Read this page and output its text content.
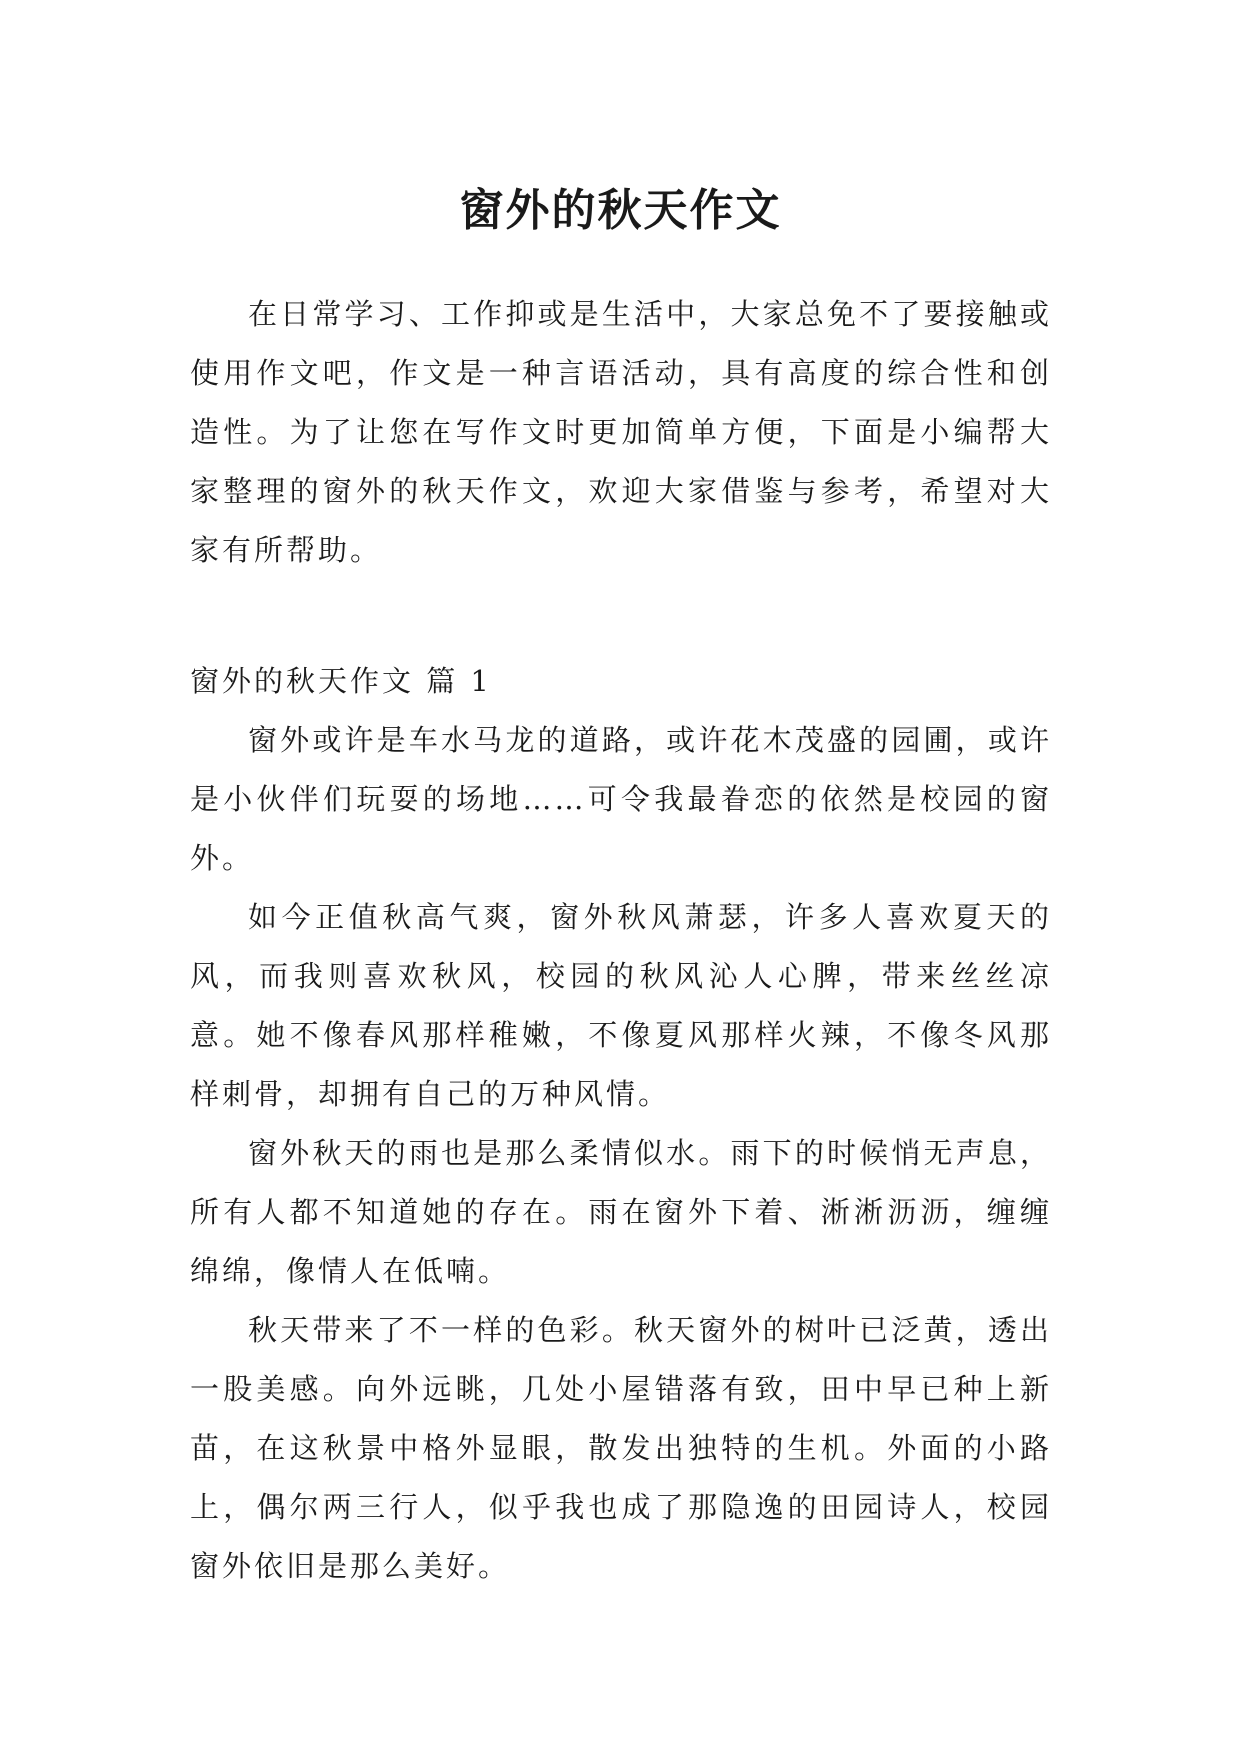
窗外的秋天作文

在日常学习、工作抑或是生活中，大家总免不了要接触或使用作文吧，作文是一种言语活动，具有高度的综合性和创造性。为了让您在写作文时更加简单方便，下面是小编帮大家整理的窗外的秋天作文，欢迎大家借鉴与参考，希望对大家有所帮助。

窗外的秋天作文 篇 1

窗外或许是车水马龙的道路，或许花木茂盛的园圃，或许是小伙伴们玩耍的场地……可令我最眷恋的依然是校园的窗外。

如今正值秋高气爽，窗外秋风萧瑟，许多人喜欢夏天的风，而我则喜欢秋风，校园的秋风沁人心脾，带来丝丝凉意。她不像春风那样稚嫩，不像夏风那样火辣，不像冬风那样刺骨，却拥有自己的万种风情。

窗外秋天的雨也是那么柔情似水。雨下的时候悄无声息，所有人都不知道她的存在。雨在窗外下着、淅淅沥沥，缠缠绵绵，像情人在低喃。

秋天带来了不一样的色彩。秋天窗外的树叶已泛黄，透出一股美感。向外远眺，几处小屋错落有致，田中早已种上新苗，在这秋景中格外显眼，散发出独特的生机。外面的小路上，偶尔两三行人，似乎我也成了那隐逸的田园诗人，校园窗外依旧是那么美好。
